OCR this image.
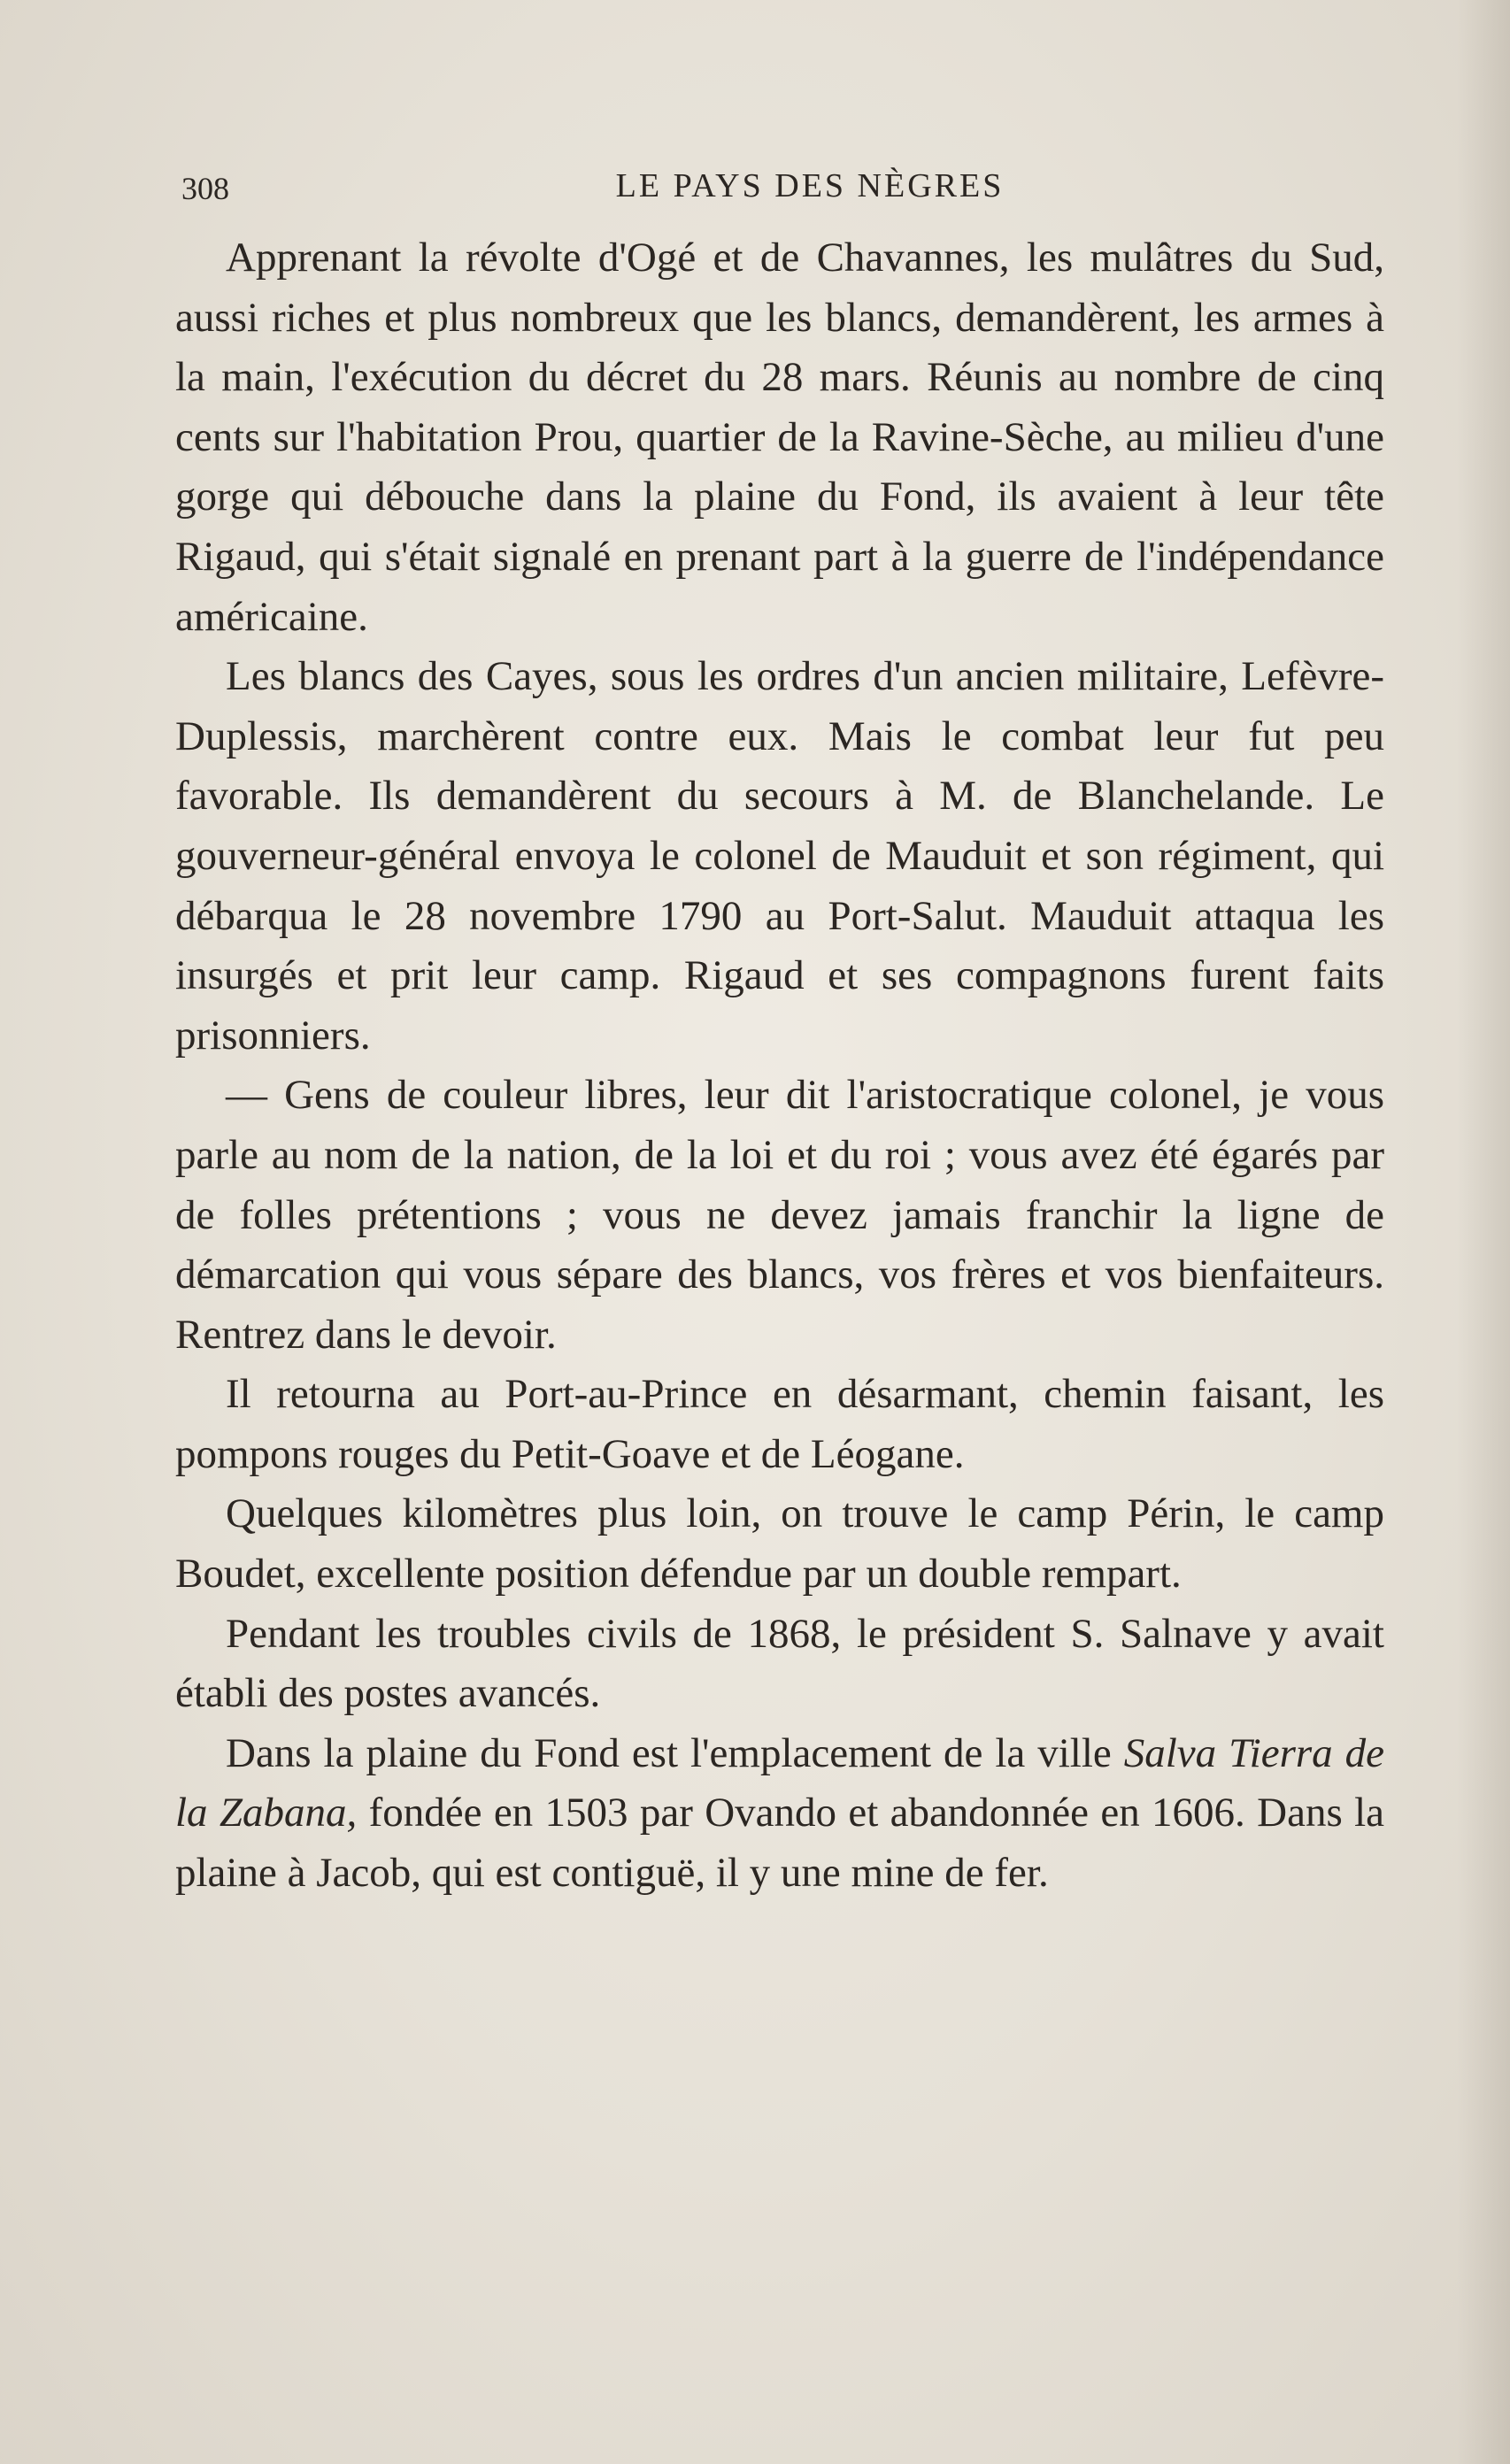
308	LE PAYS DES NÈGRES

Apprenant la révolte d'Ogé et de Chavannes, les mulâtres du Sud, aussi riches et plus nombreux que les blancs, demandèrent, les armes à la main, l'exécution du décret du 28 mars. Réunis au nombre de cinq cents sur l'habitation Prou, quartier de la Ravine-Sèche, au milieu d'une gorge qui débouche dans la plaine du Fond, ils avaient à leur tête Rigaud, qui s'était signalé en prenant part à la guerre de l'indépendance américaine.

Les blancs des Cayes, sous les ordres d'un ancien militaire, Lefèvre-Duplessis, marchèrent contre eux. Mais le combat leur fut peu favorable. Ils demandèrent du secours à M. de Blanchelande. Le gouverneur-général envoya le colonel de Mauduit et son régiment, qui débarqua le 28 novembre 1790 au Port-Salut. Mauduit attaqua les insurgés et prit leur camp. Rigaud et ses compagnons furent faits prisonniers.

— Gens de couleur libres, leur dit l'aristocratique colonel, je vous parle au nom de la nation, de la loi et du roi ; vous avez été égarés par de folles prétentions ; vous ne devez jamais franchir la ligne de démarcation qui vous sépare des blancs, vos frères et vos bienfaiteurs. Rentrez dans le devoir.

Il retourna au Port-au-Prince en désarmant, chemin faisant, les pompons rouges du Petit-Goave et de Léogane.

Quelques kilomètres plus loin, on trouve le camp Périn, le camp Boudet, excellente position défendue par un double rempart.

Pendant les troubles civils de 1868, le président S. Salnave y avait établi des postes avancés.

Dans la plaine du Fond est l'emplacement de la ville Salva Tierra de la Zabana, fondée en 1503 par Ovando et abandonnée en 1606. Dans la plaine à Jacob, qui est contiguë, il y une mine de fer.
